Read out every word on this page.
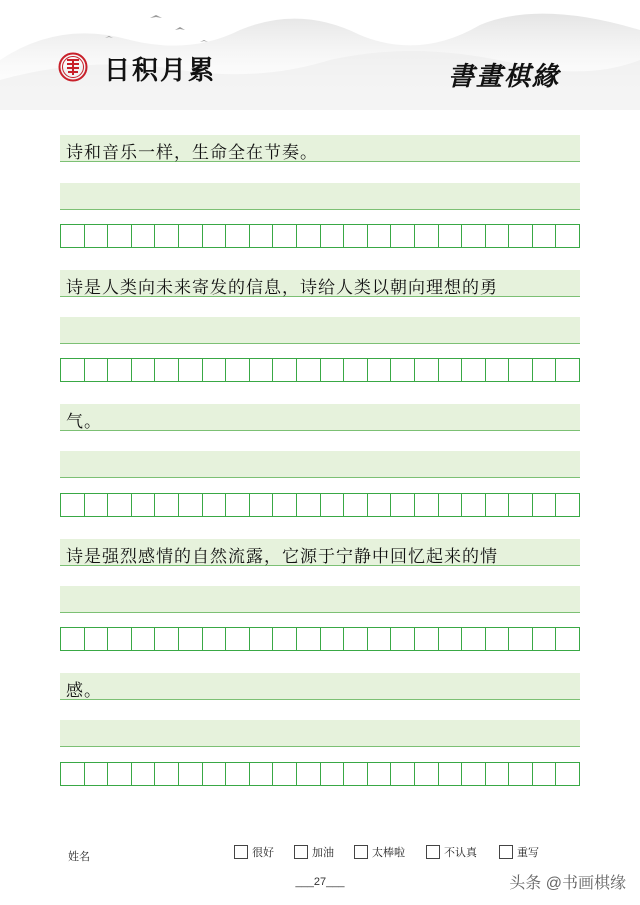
日积月累	書畫棋緣
诗和音乐一样，生命全在节奏。
诗是人类向未来寄发的信息，诗给人类以朝向理想的勇
气。
诗是强烈感情的自然流露，它源于宁静中回忆起来的情
感。
姓名	很好	加油	太棒啦	不认真	重写
___27___	头条 @书画棋缘
